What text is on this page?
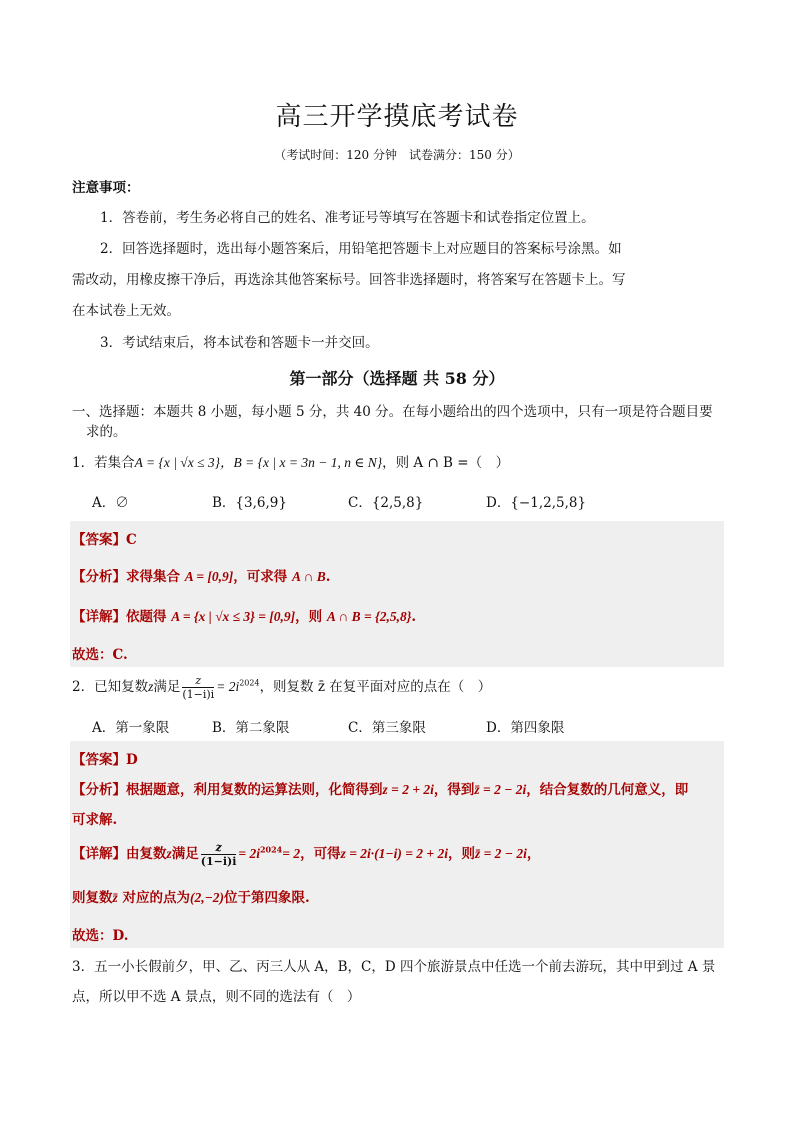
高三开学摸底考试卷
（考试时间：120 分钟　试卷满分：150 分）
注意事项：
1．答卷前，考生务必将自己的姓名、准考证号等填写在答题卡和试卷指定位置上。
2．回答选择题时，选出每小题答案后，用铅笔把答题卡上对应题目的答案标号涂黑。如
需改动，用橡皮擦干净后，再选涂其他答案标号。回答非选择题时，将答案写在答题卡上。写
在本试卷上无效。
3．考试结束后，将本试卷和答题卡一并交回。
第一部分（选择题 共 58 分）
一、选择题：本题共 8 小题，每小题 5 分，共 40 分。在每小题给出的四个选项中，只有一项是符合题目要
求的。
1．若集合A = {x | √x ≤ 3}，B = {x | x = 3n − 1, n ∈ N}，则 A ∩ B =（　）
A．∅	B．{3,6,9}	C．{2,5,8}	D．{−1,2,5,8}
【答案】C
【分析】求得集合 A = [0,9]，可求得 A ∩ B.
【详解】依题得 A = {x | √x ≤ 3} = [0,9]，则 A ∩ B = {2,5,8}.
故选：C.
2．已知复数z满足 $\frac{z}{(1-i)i} = 2i^{2024}$，则复数 z̄ 在复平面对应的点在（　）
A．第一象限	B．第二象限	C．第三象限	D．第四象限
【答案】D
【分析】根据题意，利用复数的运算法则，化简得到z = 2 + 2i，得到z̄ = 2 − 2i，结合复数的几何意义，即
可求解.
【详解】由复数z满足 $\frac{z}{(1-i)i} = 2i^{2024}= 2$，可得z = 2i·(1−i) = 2 + 2i，则z̄ = 2 − 2i，
则复数z̄ 对应的点为(2,−2)位于第四象限.
故选：D.
3．五一小长假前夕，甲、乙、丙三人从 A，B，C，D 四个旅游景点中任选一个前去游玩，其中甲到过 A 景
点，所以甲不选 A 景点，则不同的选法有（　）
